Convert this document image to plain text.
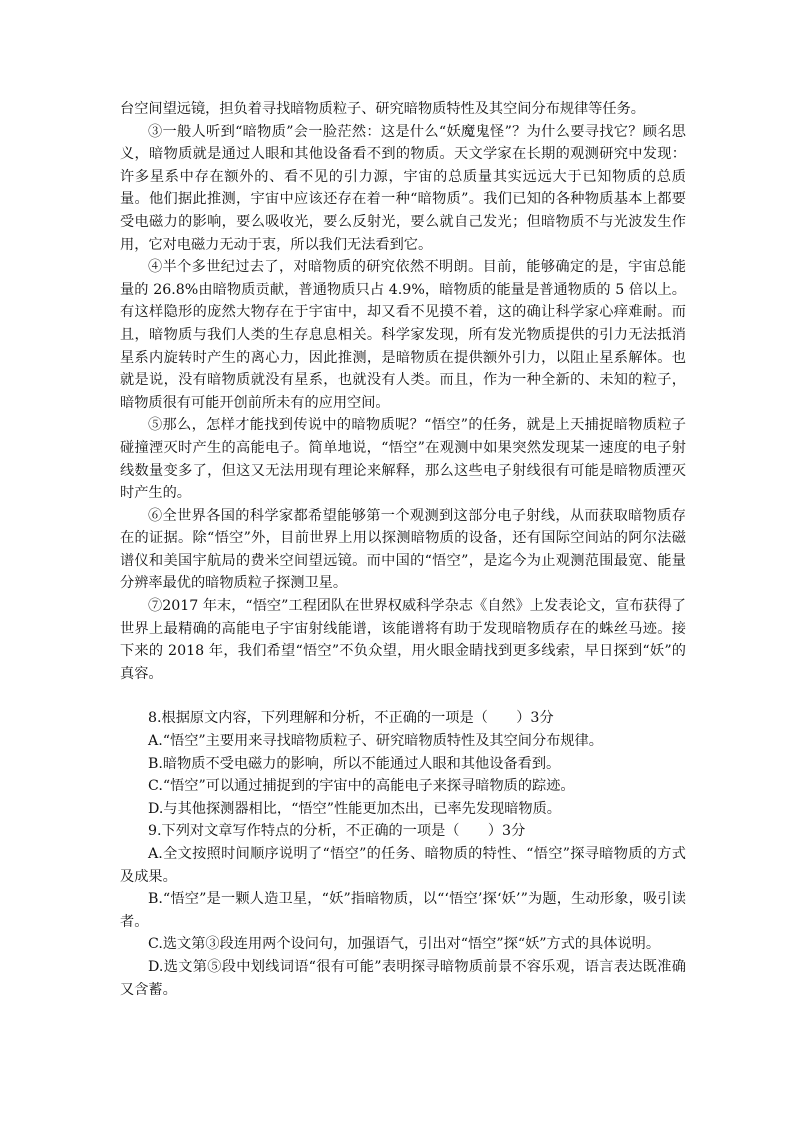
台空间望远镜，担负着寻找暗物质粒子、研究暗物质特性及其空间分布规律等任务。

③一般人听到“暗物质”会一脸茫然：这是什么“妖魔鬼怪”？为什么要寻找它？顾名思义，暗物质就是通过人眼和其他设备看不到的物质。天文学家在长期的观测研究中发现：许多星系中存在额外的、看不见的引力源，宇宙的总质量其实远远大于已知物质的总质量。他们据此推测，宇宙中应该还存在着一种“暗物质”。我们已知的各种物质基本上都要受电磁力的影响，要么吸收光，要么反射光，要么就自己发光；但暗物质不与光波发生作用，它对电磁力无动于衷，所以我们无法看到它。

④半个多世纪过去了，对暗物质的研究依然不明朗。目前，能够确定的是，宇宙总能量的 26.8%由暗物质贡献，普通物质只占 4.9%，暗物质的能量是普通物质的 5 倍以上。有这样隐形的庞然大物存在于宇宙中，却又看不见摸不着，这的确让科学家心痒难耐。而且，暗物质与我们人类的生存息息相关。科学家发现，所有发光物质提供的引力无法抵消星系内旋转时产生的离心力，因此推测，是暗物质在提供额外引力，以阻止星系解体。也就是说，没有暗物质就没有星系，也就没有人类。而且，作为一种全新的、未知的粒子，暗物质很有可能开创前所未有的应用空间。

⑤那么，怎样才能找到传说中的暗物质呢？“悟空”的任务，就是上天捕捉暗物质粒子碰撞湮灭时产生的高能电子。简单地说，“悟空”在观测中如果突然发现某一速度的电子射线数量变多了，但这又无法用现有理论来解释，那么这些电子射线很有可能是暗物质湮灭时产生的。

⑥全世界各国的科学家都希望能够第一个观测到这部分电子射线，从而获取暗物质存在的证据。除“悟空”外，目前世界上用以探测暗物质的设备，还有国际空间站的阿尔法磁谱仪和美国宇航局的费米空间望远镜。而中国的“悟空”，是迄今为止观测范围最宽、能量分辨率最优的暗物质粒子探测卫星。

⑦2017 年末，“悟空”工程团队在世界权威科学杂志《自然》上发表论文，宣布获得了世界上最精确的高能电子宇宙射线能谱，该能谱将有助于发现暗物质存在的蛛丝马迹。接下来的 2018 年，我们希望“悟空”不负众望，用火眼金睛找到更多线索，早日探到“妖”的真容。

8.根据原文内容，下列理解和分析，不正确的一项是（　　）3分

A.“悟空”主要用来寻找暗物质粒子、研究暗物质特性及其空间分布规律。

B.暗物质不受电磁力的影响，所以不能通过人眼和其他设备看到。

C.“悟空”可以通过捕捉到的宇宙中的高能电子来探寻暗物质的踪迹。

D.与其他探测器相比，“悟空”性能更加杰出，已率先发现暗物质。

9.下列对文章写作特点的分析，不正确的一项是（　　）3分

A.全文按照时间顺序说明了“悟空”的任务、暗物质的特性、“悟空”探寻暗物质的方式及成果。

B.“悟空”是一颗人造卫星，“妖”指暗物质，以“‘悟空’探‘妖’”为题，生动形象，吸引读者。

C.选文第③段连用两个设问句，加强语气，引出对“悟空”探“妖”方式的具体说明。

D.选文第⑤段中划线词语“很有可能”表明探寻暗物质前景不容乐观，语言表达既准确又含蓄。
